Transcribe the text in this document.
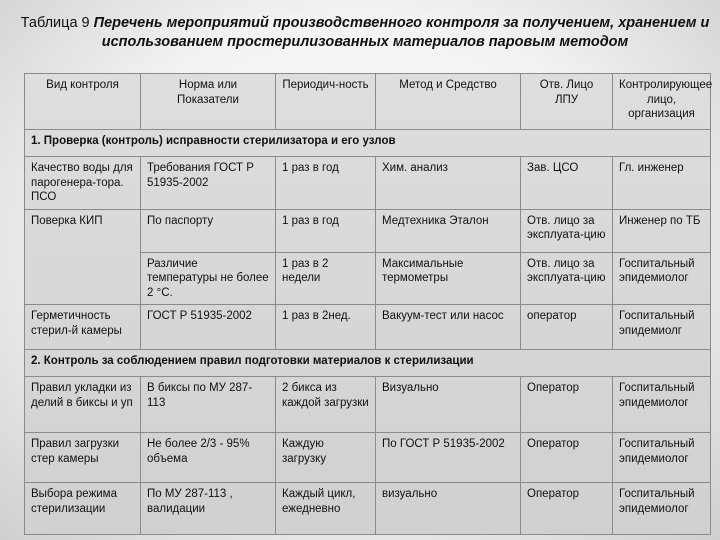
Таблица 9 Перечень мероприятий производственного контроля за получением, хранением и использованием простерилизованных материалов паровым методом
Вид контроля	Норма или Показатели	Периодич-ность	Метод и Средство	Отв. Лицо ЛПУ	Контролирующее лицо, организация
1. Проверка (контроль) исправности стерилизатора и его узлов					
Качество воды для парогенера-тора. ПСО	Требования ГОСТ Р 51935-2002	1 раз в год	Хим. анализ	Зав. ЦСО	Гл. инженер
Поверка КИП	По паспорту	1 раз в год	Медтехника Эталон	Отв. лицо за эксплуата-цию	Инженер по ТБ
	Различие температуры не более 2 °С.	1 раз в 2 недели	Максимальные термометры	Отв. лицо за эксплуата-цию	Госпитальный эпидемиолог
Герметичность стерил-й камеры	ГОСТ Р 51935-2002	1 раз в 2нед.	Вакуум-тест или насос	оператор	Госпитальный эпидемиолг
2. Контроль за соблюдением правил подготовки материалов к стерилизации					
Правил укладки из делий в биксы и уп	В биксы по МУ 287-113	2 бикса из каждой загрузки	Визуально	Оператор	Госпитальный эпидемиолог
Правил загрузки стер камеры	Не более 2/3 - 95% объема	Каждую загрузку	По ГОСТ Р 51935-2002	Оператор	Госпитальный эпидемиолог
Выбора режима стерилизации	По МУ 287-113 , валидации	Каждый цикл, ежедневно	визуально	Оператор	Госпитальный эпидемиолог
